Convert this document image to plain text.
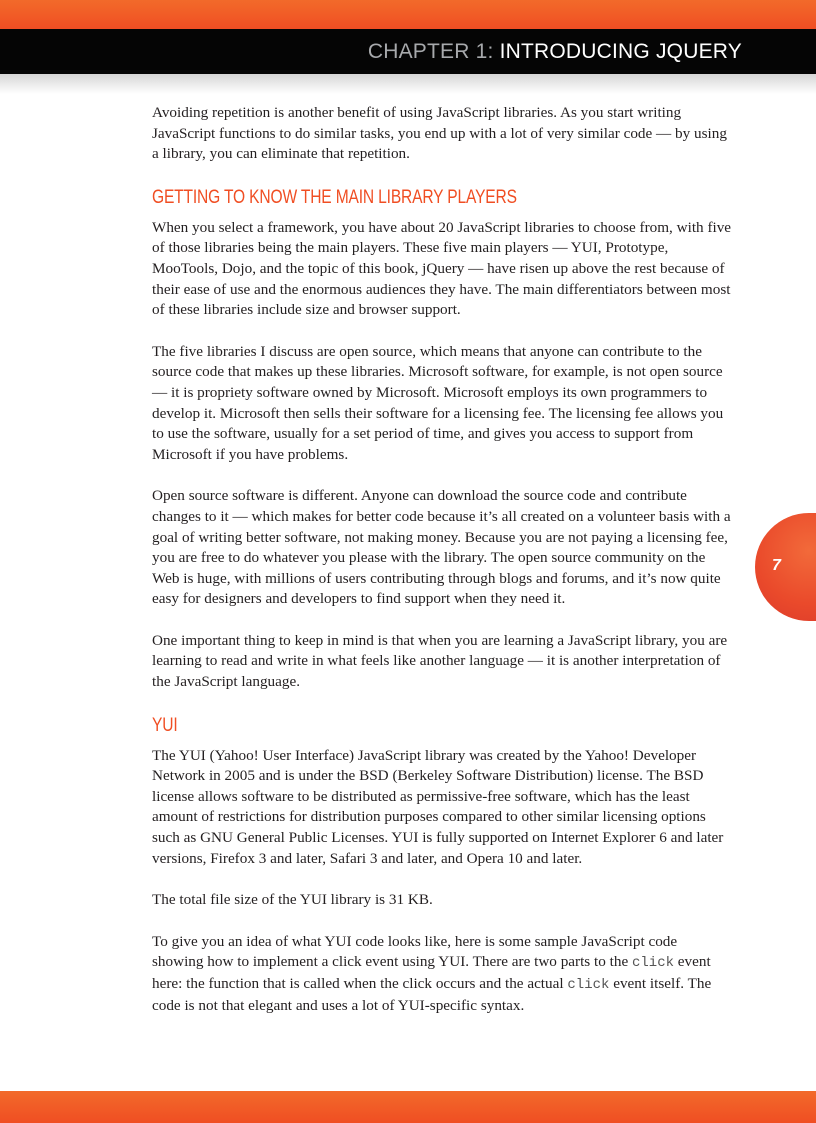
CHAPTER 1: INTRODUCING JQUERY

Avoiding repetition is another benefit of using JavaScript libraries. As you start writing JavaScript functions to do similar tasks, you end up with a lot of very similar code — by using a library, you can eliminate that repetition.

GETTING TO KNOW THE MAIN LIBRARY PLAYERS

When you select a framework, you have about 20 JavaScript libraries to choose from, with five of those libraries being the main players. These five main players — YUI, Prototype, MooTools, Dojo, and the topic of this book, jQuery — have risen up above the rest because of their ease of use and the enormous audiences they have. The main differentiators between most of these libraries include size and browser support.

The five libraries I discuss are open source, which means that anyone can contribute to the source code that makes up these libraries. Microsoft software, for example, is not open source — it is propriety software owned by Microsoft. Microsoft employs its own programmers to develop it. Microsoft then sells their software for a licensing fee. The licensing fee allows you to use the software, usually for a set period of time, and gives you access to support from Microsoft if you have problems.

Open source software is different. Anyone can download the source code and contribute changes to it — which makes for better code because it’s all created on a volunteer basis with a goal of writing better software, not making money. Because you are not paying a licensing fee, you are free to do whatever you please with the library. The open source community on the Web is huge, with millions of users contributing through blogs and forums, and it’s now quite easy for designers and developers to find support when they need it.

One important thing to keep in mind is that when you are learning a JavaScript library, you are learning to read and write in what feels like another language — it is another interpretation of the JavaScript language.

YUI

The YUI (Yahoo! User Interface) JavaScript library was created by the Yahoo! Developer Network in 2005 and is under the BSD (Berkeley Software Distribution) license. The BSD license allows software to be distributed as permissive-free software, which has the least amount of restrictions for distribution purposes compared to other similar licensing options such as GNU General Public Licenses. YUI is fully supported on Internet Explorer 6 and later versions, Firefox 3 and later, Safari 3 and later, and Opera 10 and later.

The total file size of the YUI library is 31 KB.

To give you an idea of what YUI code looks like, here is some sample JavaScript code showing how to implement a click event using YUI. There are two parts to the click event here: the function that is called when the click occurs and the actual click event itself. The code is not that elegant and uses a lot of YUI-specific syntax.

7
